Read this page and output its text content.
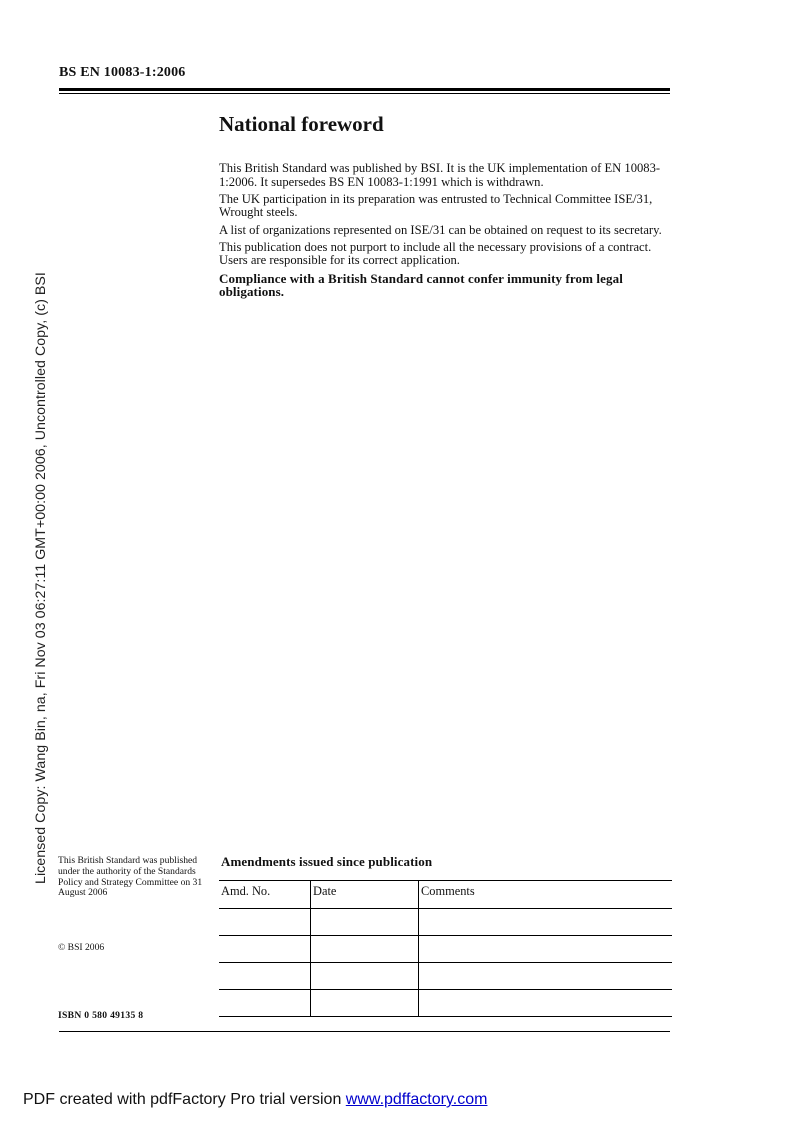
BS EN 10083-1:2006
National foreword

This British Standard was published by BSI. It is the UK implementation of EN 10083-1:2006. It supersedes BS EN 10083-1:1991 which is withdrawn.

The UK participation in its preparation was entrusted to Technical Committee ISE/31, Wrought steels.

A list of organizations represented on ISE/31 can be obtained on request to its secretary.

This publication does not purport to include all the necessary provisions of a contract. Users are responsible for its correct application.

Compliance with a British Standard cannot confer immunity from legal obligations.

Licensed Copy: Wang Bin, na, Fri Nov 03 06:27:11 GMT+00:00 2006, Uncontrolled Copy, (c) BSI This British Standard was published under the authority of the Standards Policy and Strategy Committee on 31 August 2006
© BSI 2006
ISBN 0 580 49135 8
Amendments issued since publication
Amd. No.	Date	Comments

PDF created with pdfFactory Pro trial version www.pdffactory.com
